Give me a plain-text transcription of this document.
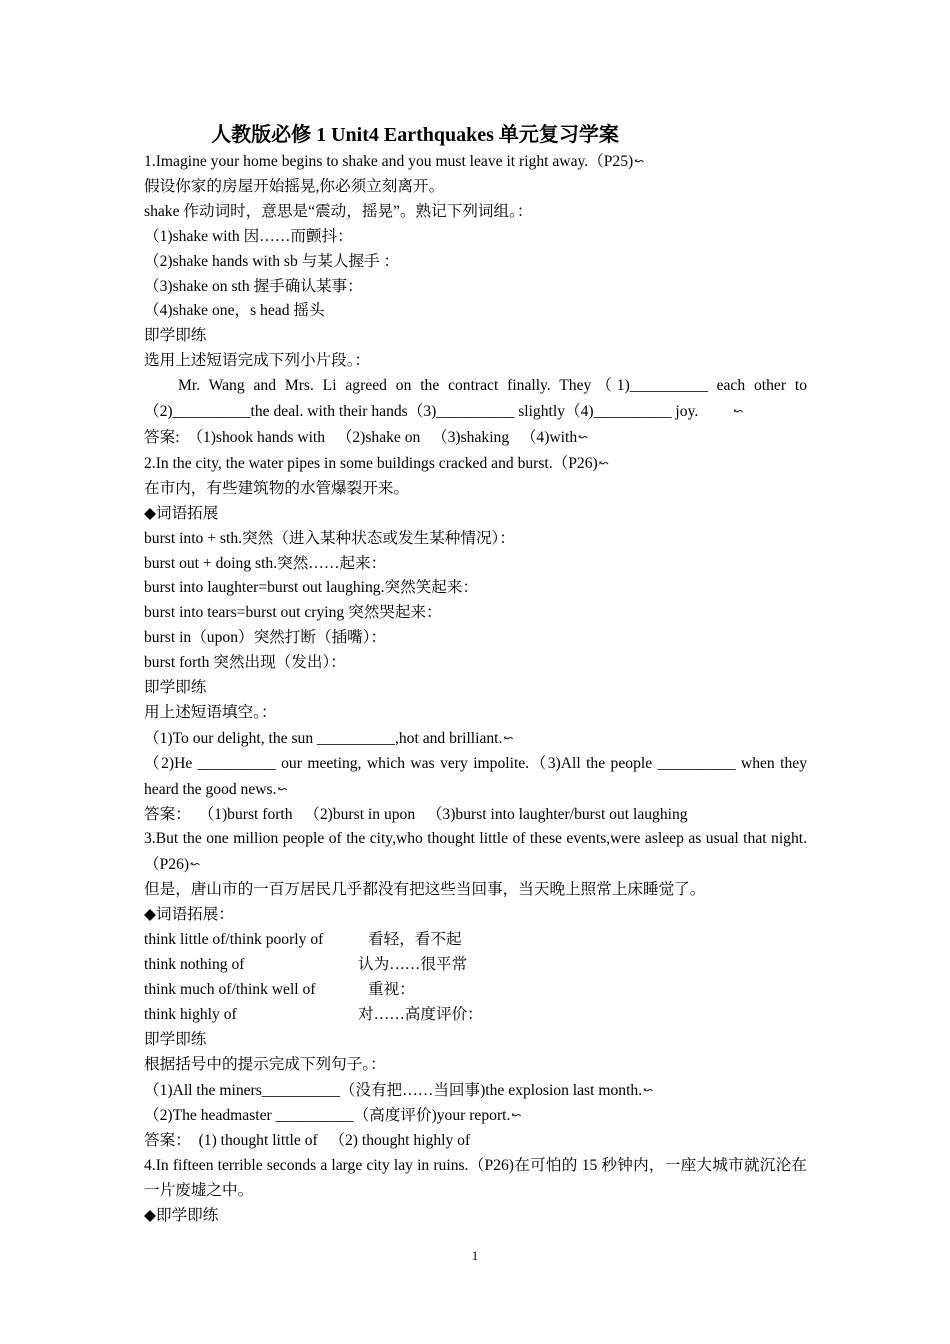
人教版必修 1 Unit4 Earthquakes 单元复习学案

1.Imagine your home begins to shake and you must leave it right away.（P25)↜

假设你家的房屋开始摇晃,你必须立刻离开。

shake 作动词时，意思是“震动，摇晃”。熟记下列词组。：

（1)shake with 因……而颤抖：

（2)shake hands with sb 与某人握手 ：

（3)shake on sth 握手确认某事：

（4)shake one，s head 摇头

即学即练

选用上述短语完成下列小片段。：

Mr. Wang and Mrs. Li agreed on the contract finally. They（1)__________ each other to（2)__________the deal. with their hands（3)__________ slightly（4)__________ joy.	↜

答案:  （1)shook hands with   （2)shake on   （3)shaking   （4)with↜

2.In the city, the water pipes in some buildings cracked and burst.（P26)↜

在市内，有些建筑物的水管爆裂开来。

◆词语拓展

burst into + sth.突然（进入某种状态或发生某种情况）：

burst out + doing sth.突然……起来：

burst into laughter=burst out laughing.突然笑起来：

burst into tears=burst out crying 突然哭起来：

burst in（upon）突然打断（插嘴）：

burst forth 突然出现（发出）：

即学即练

用上述短语填空。：

（1)To our delight, the sun __________,hot and brilliant.↜

（2)He __________ our meeting, which was very impolite.（3)All the people __________ when they heard the good news.↜

答案：  （1)burst forth   （2)burst in upon   （3)burst into laughter/burst out laughing

3.But the one million people of the city,who thought little of these events,were asleep as usual that night.（P26)↜

但是，唐山市的一百万居民几乎都没有把这些当回事，当天晚上照常上床睡觉了。

◆词语拓展：

think little of/think poorly of	看轻，看不起

think nothing of	认为……很平常

think much of/think well of	重视：

think highly of	对……高度评价：

即学即练

根据括号中的提示完成下列句子。：

（1)All the miners__________（没有把……当回事)the explosion last month.↜

（2)The headmaster __________（高度评价)your report.↜

答案：  (1) thought little of   （2) thought highly of

4.In fifteen terrible seconds a large city lay in ruins.（P26)在可怕的 15 秒钟内，一座大城市就沉沦在一片废墟之中。

◆即学即练

1
